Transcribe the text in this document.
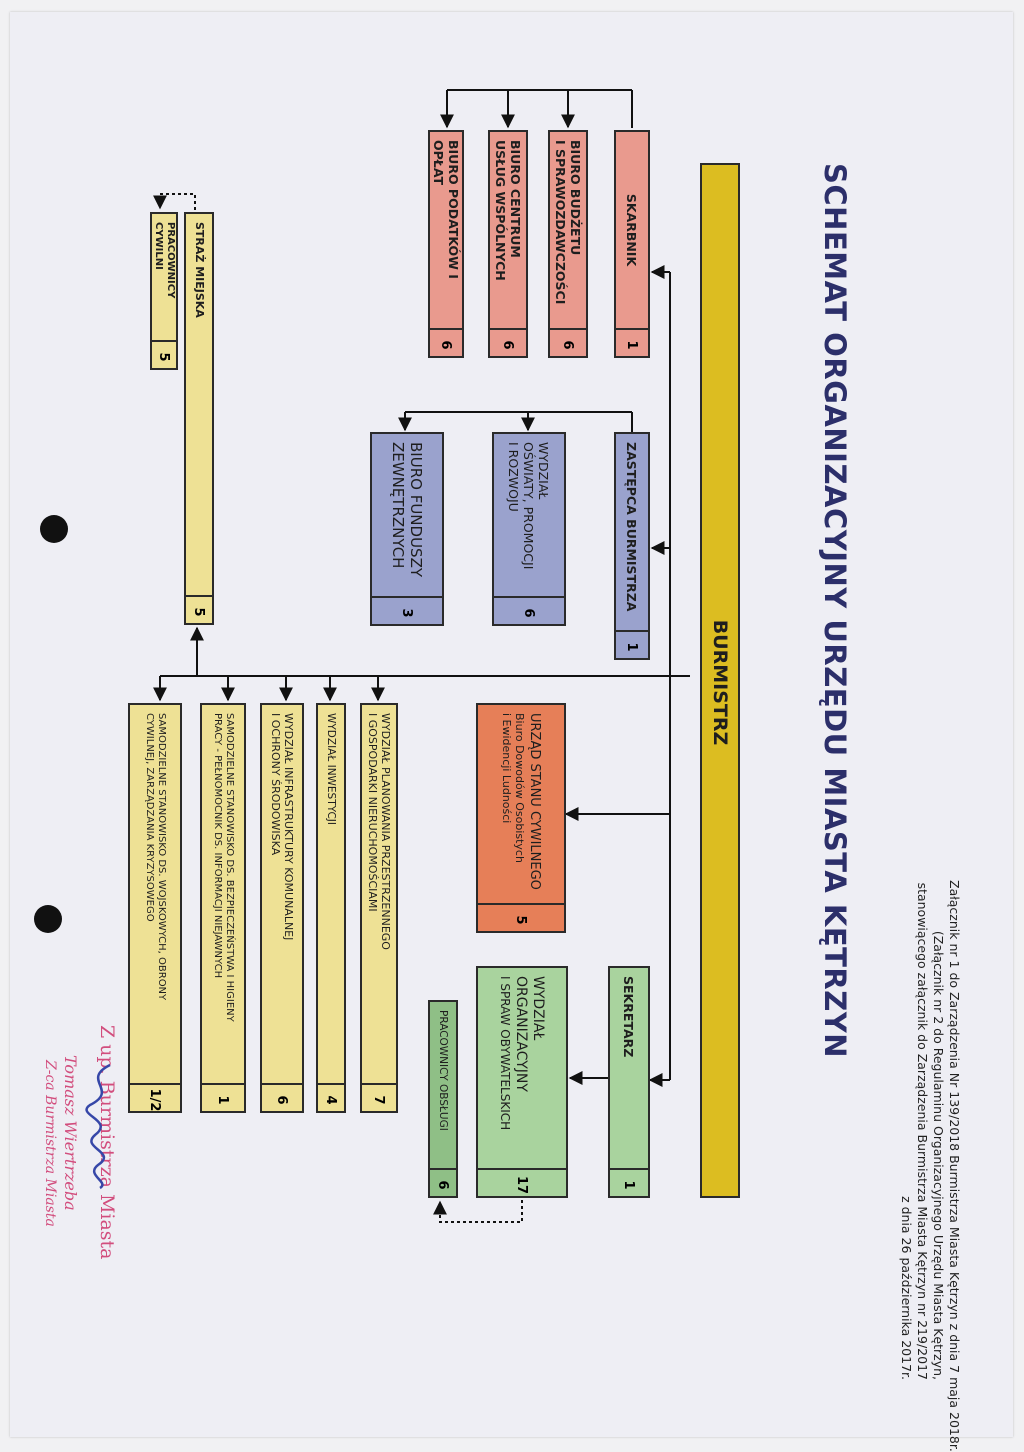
SCHEMAT ORGANIZACYJNY URZĘDU MIASTA KĘTRZYN
Załącznik nr 1 do Zarządzenia Nr 139/2018 Burmistrza Miasta Kętrzyn z dnia 7 maja 2018r.
(Załącznik nr 2 do Regulaminu Organizacyjnego Urzędu Miasta Kętrzyn,
stanowiącego załącznik do Zarządzenia Burmistrza Miasta Kętrzyn nr 219/2017
z dnia 26 października 2017r.
BURMISTRZ
SKARBNIK
1
BIURO BUDŻETU
I SPRAWOZDAWCZOŚCI
6
BIURO CENTRUM
USŁUG WSPÓLNYCH
6
BIURO PODATKÓW I OPŁAT
6
ZASTĘPCA BURMISTRZA
1
WYDZIAŁ
OŚWIATY, PROMOCJI
I ROZWOJU
6
BIURO FUNDUSZY
ZEWNĘTRZNYCH
3
STRAŻ MIEJSKA
5
PRACOWNICY CYWILNI
5
URZĄD STANU CYWILNEGO
Biuro Dowodów Osobistych
i Ewidencji Ludności
5
WYDZIAŁ PLANOWANIA PRZESTRZENNEGO
I GOSPODARKI NIERUCHOMOŚCIAMI
7
WYDZIAŁ INWESTYCJI
4
WYDZIAŁ INFRASTRUKTURY KOMUNALNEJ
I OCHRONY ŚRODOWISKA
6
SAMODZIELNE STANOWISKO DS. BEZPIECZEŃSTWA I HIGIENY
PRACY - PEŁNOMOCNIK DS. INFORMACJI NIEJAWNYCH
1
SAMODZIELNE STANOWISKO DS. WOJSKOWYCH, OBRONY
CYWILNEJ, ZARZĄDZANIA KRYZYSOWEGO
1/2
SEKRETARZ
1
WYDZIAŁ
ORGANIZACYJNY
I SPRAW OBYWATELSKICH
17
PRACOWNICY OBSŁUGI
6
Z up. Burmistrza Miasta
Tomasz Wiertrzeba
Z-ca Burmistrza Miasta
